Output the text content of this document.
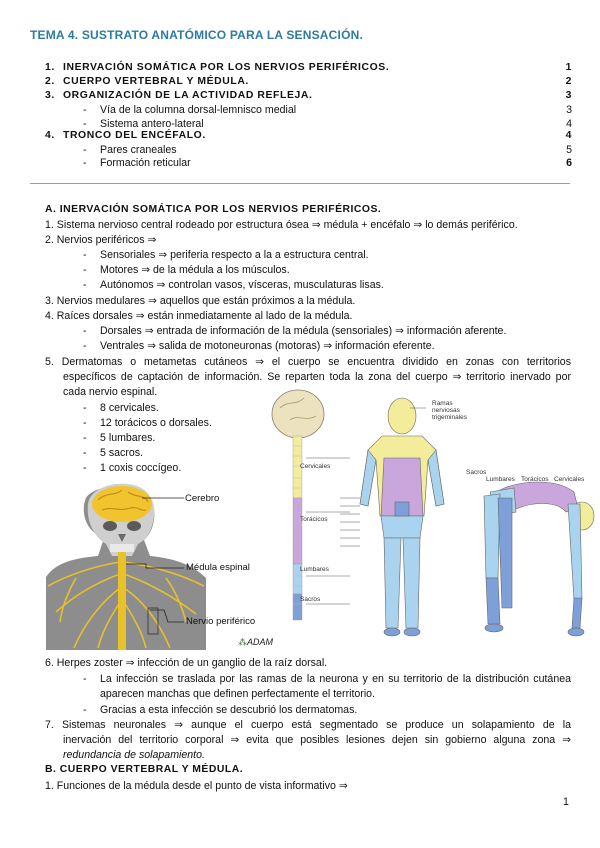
TEMA 4. SUSTRATO ANATÓMICO PARA LA SENSACIÓN.
1. INERVACIÓN SOMÁTICA POR LOS NERVIOS PERIFÉRICOS.	1
2. CUERPO VERTEBRAL Y MÉDULA.	2
3. ORGANIZACIÓN DE LA ACTIVIDAD REFLEJA.	3
- Vía de la columna dorsal-lemnisco medial	3
- Sistema antero-lateral	4
4. TRONCO DEL ENCÉFALO.	4
- Pares craneales	5
- Formación reticular	6
A. INERVACIÓN SOMÁTICA POR LOS NERVIOS PERIFÉRICOS.
1. Sistema nervioso central rodeado por estructura ósea ⇒ médula + encéfalo ⇒ lo demás periférico.
2. Nervios periféricos ⇒
- Sensoriales ⇒ periferia respecto a la a estructura central.
- Motores ⇒ de la médula a los músculos.
- Autónomos ⇒ controlan vasos, vísceras, musculaturas lisas.
3. Nervios medulares ⇒ aquellos que están próximos a la médula.
4. Raíces dorsales ⇒ están inmediatamente al lado de la médula.
- Dorsales ⇒ entrada de información de la médula (sensoriales) ⇒ información aferente.
- Ventrales ⇒ salida de motoneuronas (motoras) ⇒ información eferente.
5. Dermatomas o metametas cutáneos ⇒ el cuerpo se encuentra dividido en zonas con territorios
específicos de captación de información. Se reparten toda la zona del cuerpo ⇒ territorio inervado por
cada nervio espinal.
- 8 cervicales.
- 12 torácicos o dorsales.
- 5 lumbares.
- 5 sacros.
- 1 coxis coccígeo.
Cerebro
Médula espinal
Nervio periférico
⁂ADAM
Ramas
nerviosas
trigeminales
Cervicales
Torácicos
Lumbares
Sacros
Sacros
Lumbares Torácicos Cervicales
6. Herpes zoster ⇒ infección de un ganglio de la raíz dorsal.
- La infección se traslada por las ramas de la neurona y en su territorio de la distribución cutánea
aparecen manchas que definen perfectamente el territorio.
- Gracias a esta infección se descubrió los dermatomas.
7. Sistemas neuronales ⇒ aunque el cuerpo está segmentado se produce un solapamiento de la
inervación del territorio corporal ⇒ evita que posibles lesiones dejen sin gobierno alguna zona ⇒
redundancia de solapamiento.
B. CUERPO VERTEBRAL Y MÉDULA.
1. Funciones de la médula desde el punto de vista informativo ⇒
1
